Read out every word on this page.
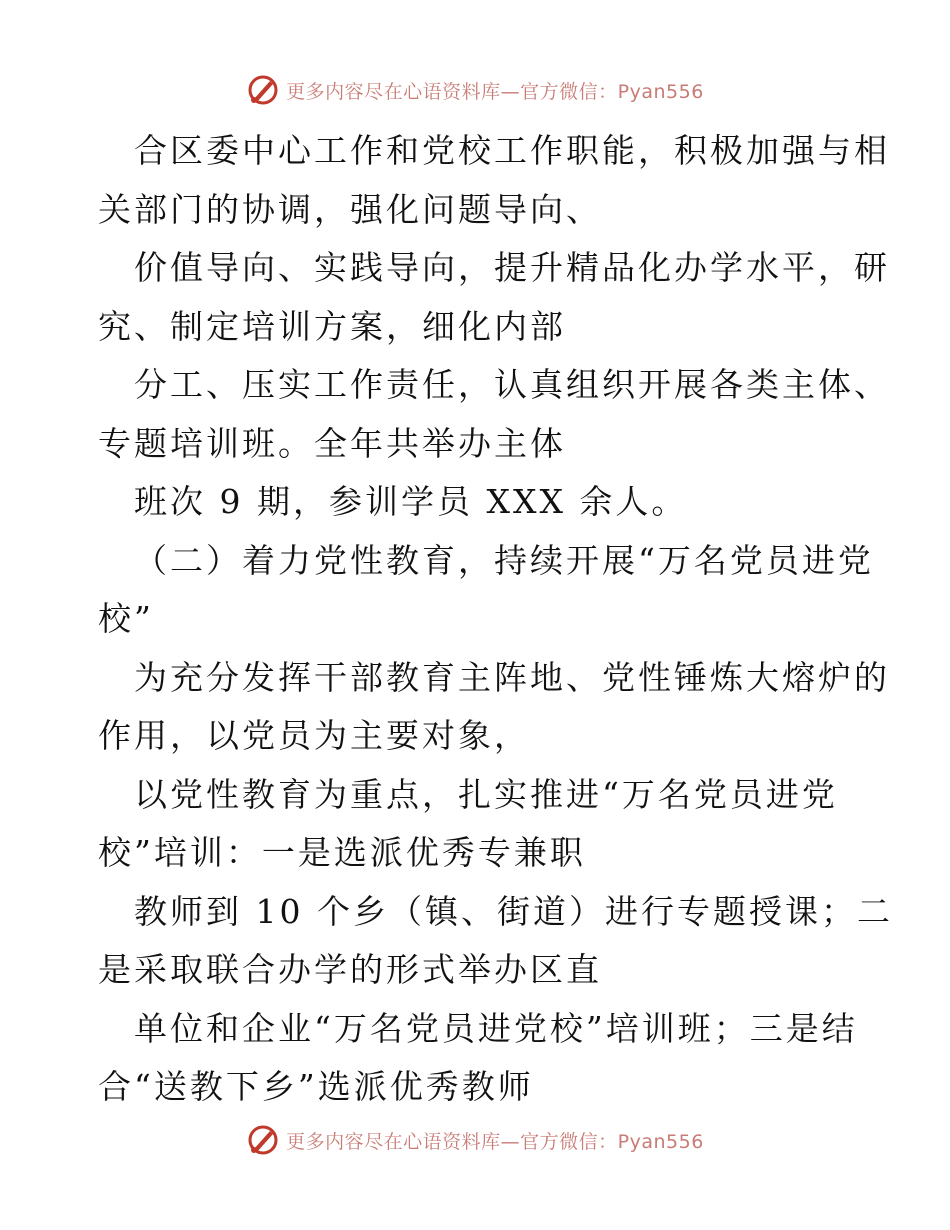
更多内容尽在心语资料库—官方微信：Pyan556
合区委中心工作和党校工作职能，积极加强与相
关部门的协调，强化问题导向、
价值导向、实践导向，提升精品化办学水平，研
究、制定培训方案，细化内部
分工、压实工作责任，认真组织开展各类主体、
专题培训班。全年共举办主体
班次 9 期，参训学员 XXX 余人。
（二）着力党性教育，持续开展“万名党员进党
校”
为充分发挥干部教育主阵地、党性锤炼大熔炉的
作用，以党员为主要对象，
以党性教育为重点，扎实推进“万名党员进党
校”培训：一是选派优秀专兼职
教师到 10 个乡（镇、街道）进行专题授课；二
是采取联合办学的形式举办区直
单位和企业“万名党员进党校”培训班；三是结
合“送教下乡”选派优秀教师
更多内容尽在心语资料库—官方微信：Pyan556
